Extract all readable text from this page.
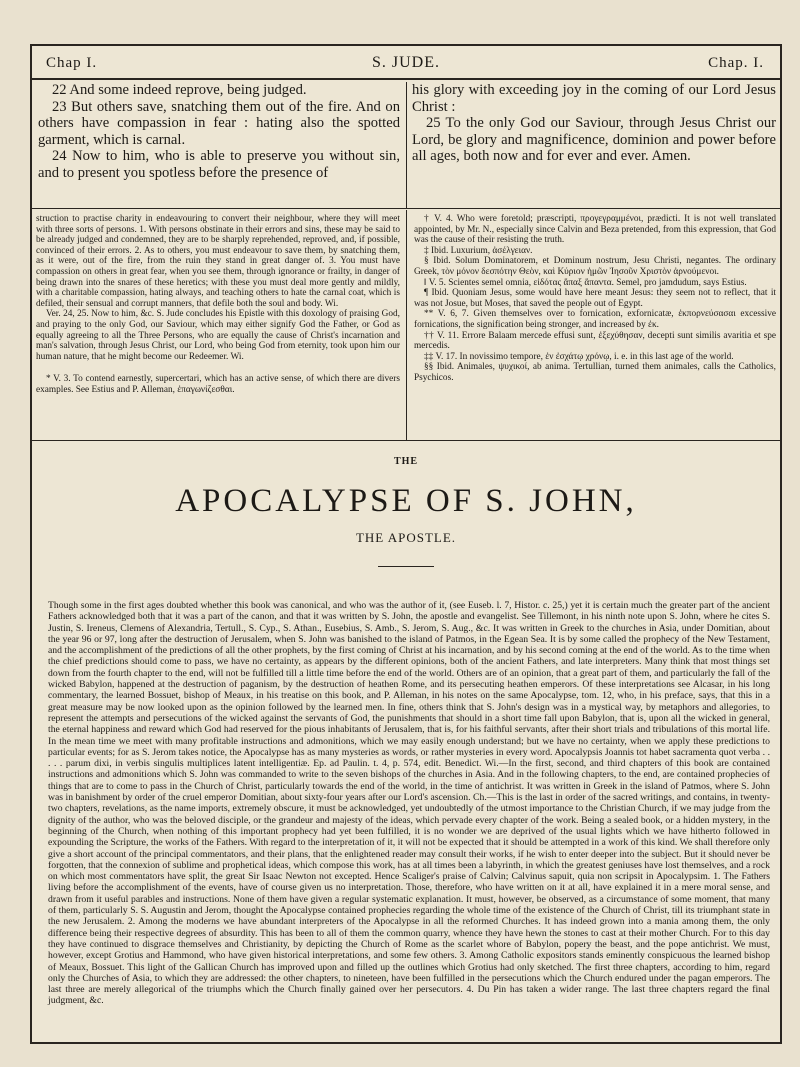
Chap I.	S. JUDE.	Chap. I.

22 And some indeed reprove, being judged.

23 But others save, snatching them out of the fire. And on others have compassion in fear : hating also the spotted garment, which is carnal.

24 Now to him, who is able to preserve you without sin, and to present you spotless before the presence of

his glory with exceeding joy in the coming of our Lord Jesus Christ :

25 To the only God our Saviour, through Jesus Christ our Lord, be glory and magnificence, dominion and power before all ages, both now and for ever and ever. Amen.

struction to practise charity in endeavouring to convert their neighbour, where they will meet with three sorts of persons. 1. With persons obstinate in their errors and sins, these may be said to be already judged and condemned, they are to be sharply reprehended, reproved, and, if possible, convinced of their errors. 2. As to others, you must endeavour to save them, by snatching them, as it were, out of the fire, from the ruin they stand in great danger of. 3. You must have compassion on others in great fear, when you see them, through ignorance or frailty, in danger of being drawn into the snares of these heretics; with these you must deal more gently and mildly, with a charitable compassion, hating always, and teaching others to hate the carnal coat, which is defiled, their sensual and corrupt manners, that defile both the soul and body. Wi.

Ver. 24, 25. Now to him, &c. S. Jude concludes his Epistle with this doxology of praising God, and praying to the only God, our Saviour, which may either signify God the Father, or God as equally agreeing to all the Three Persons, who are equally the cause of Christ's incarnation and man's salvation, through Jesus Christ, our Lord, who being God from eternity, took upon him our human nature, that he might become our Redeemer. Wi.

* V. 3. To contend earnestly, supercertari, which has an active sense, of which there are divers examples. See Estius and P. Alleman, ἐπαγωνίζεσθαι.

† V. 4. Who were foretold; præscripti, προγεγραμμένοι, prædicti. It is not well translated appointed, by Mr. N., especially since Calvin and Beza pretended, from this expression, that God was the cause of their resisting the truth.

‡ Ibid. Luxurium, ἀσέλγειαν.

§ Ibid. Solum Dominatorem, et Dominum nostrum, Jesu Christi, negantes. The ordinary Greek, τὸν μόνον δεσπότην Θεὸν, καὶ Κύριον ἡμῶν Ἰησοῦν Χριστὸν ἀρνούμενοι.

‖ V. 5. Scientes semel omnia, εἰδότας ἅπαξ ἅπαντα. Semel, pro jamdudum, says Estius.

¶ Ibid. Quoniam Jesus, some would have here meant Jesus: they seem not to reflect, that it was not Josue, but Moses, that saved the people out of Egypt.

** V. 6, 7. Given themselves over to fornication, exfornicatæ, ἐκπορνεύσασαι excessive fornications, the signification being stronger, and increased by ἐκ.

†† V. 11. Errore Balaam mercede effusi sunt, ἐξεχύθησαν, decepti sunt similis avaritia et spe mercedis.

‡‡ V. 17. In novissimo tempore, ἐν ἐσχάτῳ χρόνῳ, i. e. in this last age of the world.

§§ Ibid. Animales, ψυχικοί, ab anima. Tertullian, turned them animales, calls the Catholics, Psychicos.

THE
APOCALYPSE OF S. JOHN,
THE APOSTLE.

Though some in the first ages doubted whether this book was canonical, and who was the author of it, (see Euseb. l. 7, Histor. c. 25,) yet it is certain much the greater part of the ancient Fathers acknowledged both that it was a part of the canon, and that it was written by S. John, the apostle and evangelist. See Tillemont, in his ninth note upon S. John, where he cites S. Justin, S. Ireneus, Clemens of Alexandria, Tertull., S. Cyp., S. Athan., Eusebius, S. Amb., S. Jerom, S. Aug., &c. It was written in Greek to the churches in Asia, under Domitian, about the year 96 or 97, long after the destruction of Jerusalem, when S. John was banished to the island of Patmos, in the Egean Sea. It is by some called the prophecy of the New Testament, and the accomplishment of the predictions of all the other prophets, by the first coming of Christ at his incarnation, and by his second coming at the end of the world. As to the time when the chief predictions should come to pass, we have no certainty, as appears by the different opinions, both of the ancient Fathers, and late interpreters. Many think that most things set down from the fourth chapter to the end, will not be fulfilled till a little time before the end of the world. Others are of an opinion, that a great part of them, and particularly the fall of the wicked Babylon, happened at the destruction of paganism, by the destruction of heathen Rome, and its persecuting heathen emperors. Of these interpretations see Alcasar, in his long commentary, the learned Bossuet, bishop of Meaux, in his treatise on this book, and P. Alleman, in his notes on the same Apocalypse, tom. 12, who, in his preface, says, that this in a great measure may be now looked upon as the opinion followed by the learned men. In fine, others think that S. John's design was in a mystical way, by metaphors and allegories, to represent the attempts and persecutions of the wicked against the servants of God, the punishments that should in a short time fall upon Babylon, that is, upon all the wicked in general, the eternal happiness and reward which God had reserved for the pious inhabitants of Jerusalem, that is, for his faithful servants, after their short trials and tribulations of this mortal life. In the mean time we meet with many profitable instructions and admonitions, which we may easily enough understand; but we have no certainty, when we apply these predictions to particular events; for as S. Jerom takes notice, the Apocalypse has as many mysteries as words, or rather mysteries in every word. Apocalypsis Joannis tot habet sacramenta quot verba . . . . . parum dixi, in verbis singulis multiplices latent intelligentiæ. Ep. ad Paulin. t. 4, p. 574, edit. Benedict. Wi.—In the first, second, and third chapters of this book are contained instructions and admonitions which S. John was commanded to write to the seven bishops of the churches in Asia. And in the following chapters, to the end, are contained prophecies of things that are to come to pass in the Church of Christ, particularly towards the end of the world, in the time of antichrist. It was written in Greek in the island of Patmos, where S. John was in banishment by order of the cruel emperor Domitian, about sixty-four years after our Lord's ascension. Ch.—This is the last in order of the sacred writings, and contains, in twenty-two chapters, revelations, as the name imports, extremely obscure, it must be acknowledged, yet undoubtedly of the utmost importance to the Christian Church, if we may judge from the dignity of the author, who was the beloved disciple, or the grandeur and majesty of the ideas, which pervade every chapter of the work. Being a sealed book, or a hidden mystery, in the beginning of the Church, when nothing of this important prophecy had yet been fulfilled, it is no wonder we are deprived of the usual lights which we have hitherto followed in expounding the Scripture, the works of the Fathers. With regard to the interpretation of it, it will not be expected that it should be attempted in a work of this kind. We shall therefore only give a short account of the principal commentators, and their plans, that the enlightened reader may consult their works, if he wish to enter deeper into the subject. But it should never be forgotten, that the connexion of sublime and prophetical ideas, which compose this work, has at all times been a labyrinth, in which the greatest geniuses have lost themselves, and a rock on which most commentators have split, the great Sir Isaac Newton not excepted. Hence Scaliger's praise of Calvin; Calvinus sapuit, quia non scripsit in Apocalypsim. 1. The Fathers living before the accomplishment of the events, have of course given us no interpretation. Those, therefore, who have written on it at all, have explained it in a mere moral sense, and drawn from it useful parables and instructions. None of them have given a regular systematic explanation. It must, however, be observed, as a circumstance of some moment, that many of them, particularly S. S. Augustin and Jerom, thought the Apocalypse contained prophecies regarding the whole time of the existence of the Church of Christ, till its triumphant state in the new Jerusalem. 2. Among the moderns we have abundant interpreters of the Apocalypse in all the reformed Churches. It has indeed grown into a mania among them, the only difference being their respective degrees of absurdity. This has been to all of them the common quarry, whence they have hewn the stones to cast at their mother Church. For to this day they have continued to disgrace themselves and Christianity, by depicting the Church of Rome as the scarlet whore of Babylon, popery the beast, and the pope antichrist. We must, however, except Grotius and Hammond, who have given historical interpretations, and some few others. 3. Among Catholic expositors stands eminently conspicuous the learned bishop of Meaux, Bossuet. This light of the Gallican Church has improved upon and filled up the outlines which Grotius had only sketched. The first three chapters, according to him, regard only the Churches of Asia, to which they are addressed: the other chapters, to nineteen, have been fulfilled in the persecutions which the Church endured under the pagan emperors. The last three are merely allegorical of the triumphs which the Church finally gained over her persecutors. 4. Du Pin has taken a wider range. The last three chapters regard the final judgment, &c.
